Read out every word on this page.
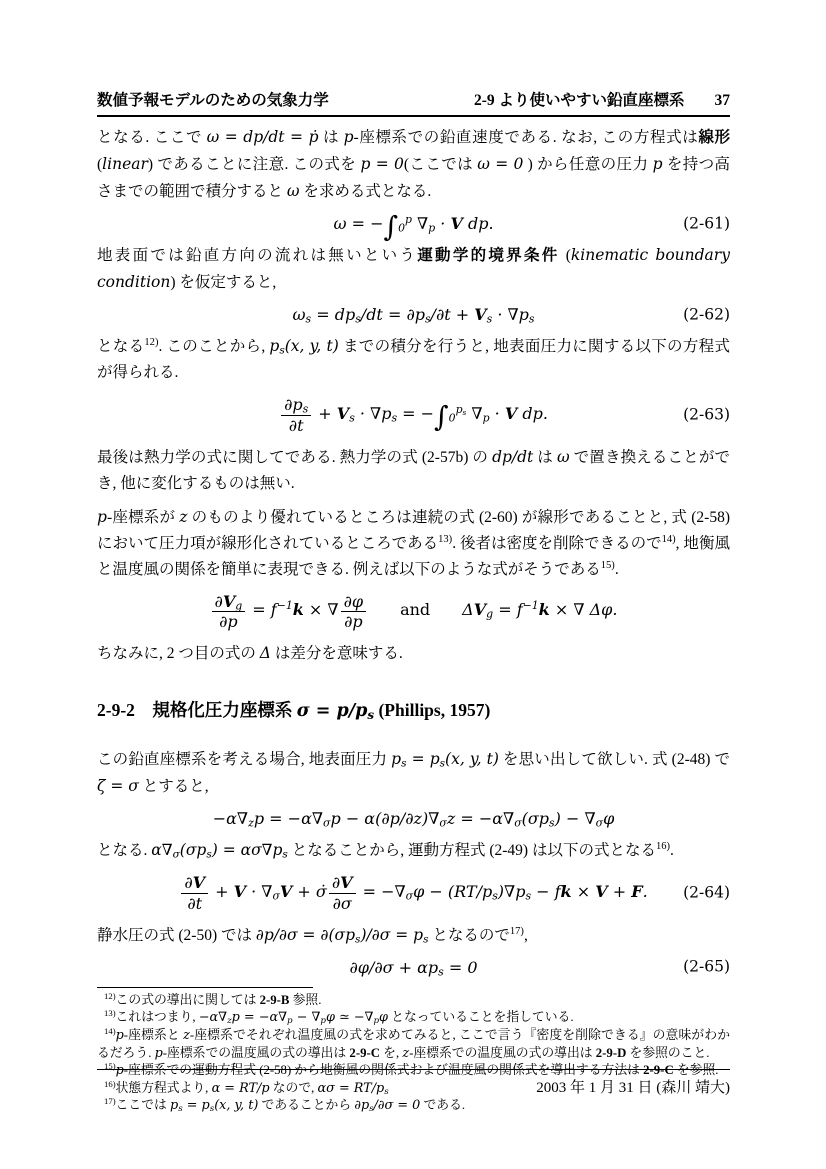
数値予報モデルのための気象力学	2-9 より使いやすい鉛直座標系 37

となる. ここで ω = dp/dt = ṗ は p-座標系での鉛直速度である. なお, この方程式は線形 (linear) であることに注意. この式を p = 0(ここでは ω = 0 ) から任意の圧力 p を持つ高さまでの範囲で積分すると ω を求める式となる.

$\omega = -\int_0^p$ $\nabla_p \cdot V$ dp.	(2-61)

地表面では鉛直方向の流れは無いという運動学的境界条件 (kinematic boundary condition) を仮定すると,

$\omega_s = dp_s/dt = \partial p_s/\partial t + V_s \cdot \nabla p_s$	(2-62)

となる$^{12)}$. このことから, $p_s(x$, y, t) までの積分を行うと, 地表面圧力に関する以下の方程式が得られる.

$\frac{\partial p_s}{\partial t} + V_s \cdot \nabla p_s = -\int_0^{p_s}$ $\nabla_p \cdot V$ dp.	(2-63)

最後は熱力学の式に関してである. 熱力学の式 (2-57b) の dp/dt は ω で置き換えることができ, 他に変化するものは無い.

p-座標系が z のものより優れているところは連続の式 (2-60) が線形であることと, 式 (2-58) において圧力項が線形化されているところである$^{13)}$. 後者は密度を削除できるので$^{14)}$, 地衡風と温度風の関係を簡単に表現できる. 例えば以下のような式がそうである$^{15)}$.

$\frac{\partial V_g}{\partial p} = f^{-1}k$ × ∇ $\frac{\partial\varphi}{\partial p}$ 　　and　　$\Delta V_g = f^{-1}k$ × ∇ Δφ.

ちなみに, 2 つ目の式の Δ は差分を意味する.

2-9-2　規格化圧力座標系 $\sigma = p/p_s$ (Phillips, 1957)

この鉛直座標系を考える場合, 地表面圧力 $p_s = p_s(x$, y, t) を思い出して欲しい. 式 (2-48) で ζ = σ とすると,

$-\alpha\nabla_zp = -\alpha\nabla_\sigma p - \alpha(\partial p/\partial z)\nabla_\sigma z = -\alpha\nabla_\sigma(\sigma p_s) - \nabla_\sigma\varphi$

となる. $\alpha\nabla_\sigma(\sigma p_s) = \alpha\sigma\nabla p_s$ となることから, 運動方程式 (2-49) は以下の式となる$^{16)}$.

$\frac{\partial V}{\partial t} + V \cdot \nabla_\sigma V$ + σ̇ $\frac{\partial V}{\partial\sigma} = -\nabla_\sigma\varphi - (RT/p_s)\nabla p_s$ − fk × V + F. (2-64)

静水圧の式 (2-50) では $\partial p/\partial\sigma = \partial(\sigma p_s)/\partial\sigma = p_s$ となるので$^{17)}$,

$\partial\varphi/\partial\sigma + \alpha p_s = 0$	(2-65)

$^{12)}$この式の導出に関しては 2-9-B 参照.

$^{13)}$これはつまり, $-\alpha\nabla_zp = -\alpha\nabla_p - \nabla_p\varphi$ ≃ $-\nabla_p\varphi$ となっていることを指している.

$^{14)}$p-座標系と z-座標系でそれぞれ温度風の式を求めてみると, ここで言う『密度を削除できる』の意味がわかるだろう. p-座標系での温度風の式の導出は 2-9-C を, z-座標系での温度風の式の導出は 2-9-D を参照のこと.

$^{15)}$p-座標系での運動方程式 (2-58) から地衡風の関係式および温度風の関係式を導出する方法は 2-9-C を参照.

$^{16)}$状態方程式より, α = RT/p なので, $\alpha\sigma = RT/p_s$

$^{17)}$ここでは $p_s = p_s(x$, y, t) であることから $\partial p_s/\partial\sigma = 0$ である.

2003 年 1 月 31 日 (森川 靖大)
